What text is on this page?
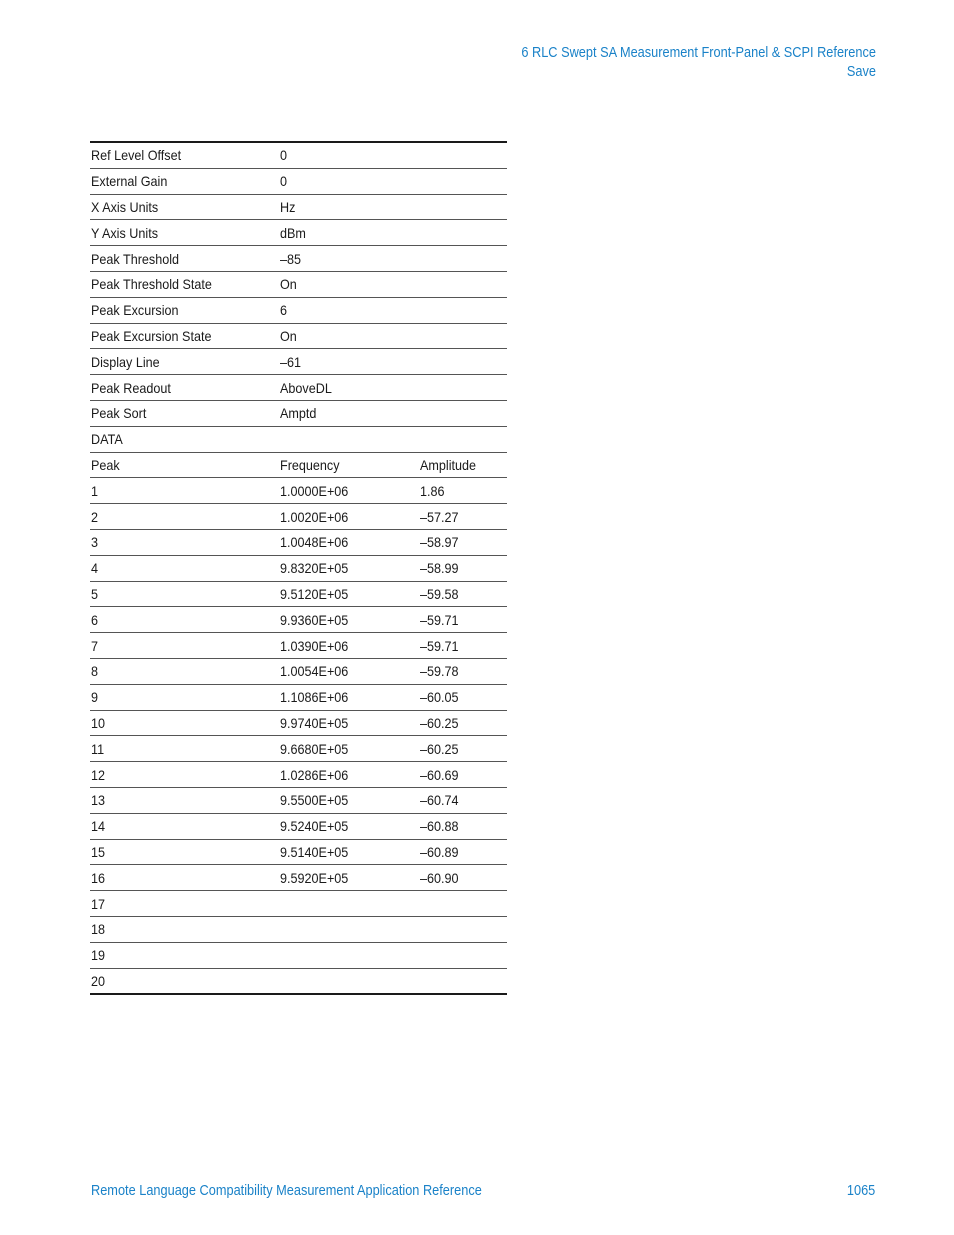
6 RLC Swept SA Measurement Front-Panel & SCPI Reference
Save
Ref Level Offset	0	
External Gain	0	
X Axis Units	Hz	
Y Axis Units	dBm	
Peak Threshold	–85	
Peak Threshold State	On	
Peak Excursion	6	
Peak Excursion State	On	
Display Line	–61	
Peak Readout	AboveDL	
Peak Sort	Amptd	
DATA		
Peak	Frequency	Amplitude
1	1.0000E+06	1.86
2	1.0020E+06	–57.27
3	1.0048E+06	–58.97
4	9.8320E+05	–58.99
5	9.5120E+05	–59.58
6	9.9360E+05	–59.71
7	1.0390E+06	–59.71
8	1.0054E+06	–59.78
9	1.1086E+06	–60.05
10	9.9740E+05	–60.25
11	9.6680E+05	–60.25
12	1.0286E+06	–60.69
13	9.5500E+05	–60.74
14	9.5240E+05	–60.88
15	9.5140E+05	–60.89
16	9.5920E+05	–60.90
17		
18		
19		
20		
Remote Language Compatibility Measurement Application Reference	1065
